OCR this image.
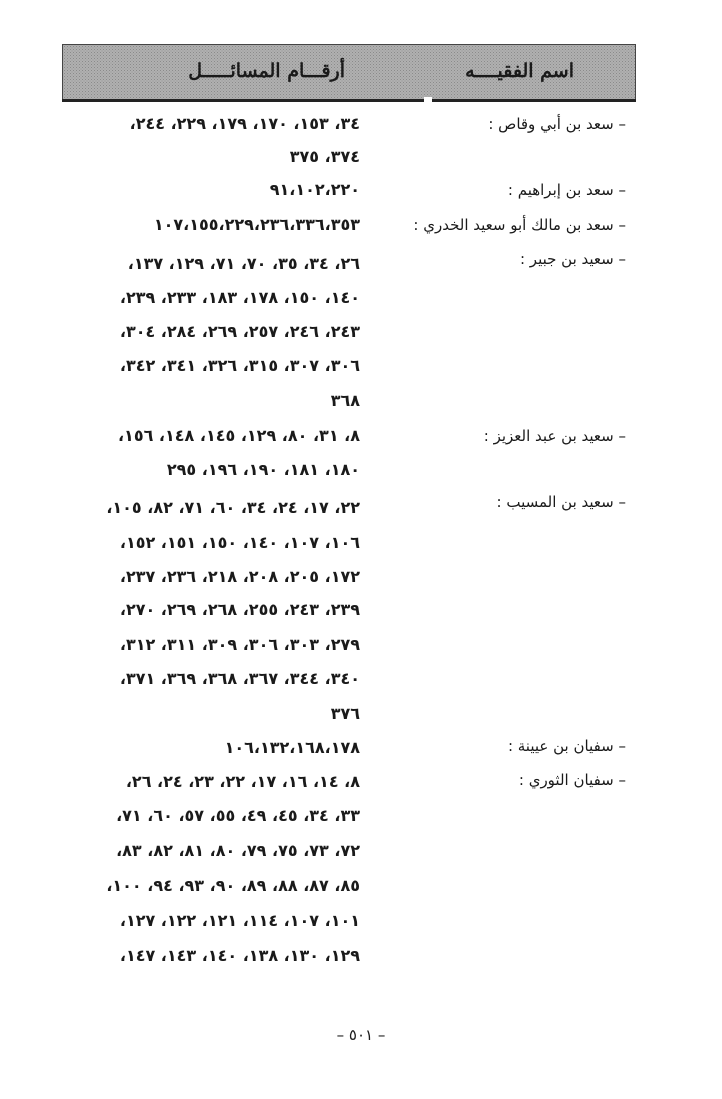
اسم الفقيــــه
أرقـــام المسائـــــل
– سعد بن أبي وقاص :
٣٤، ١٥٣، ١٧٠، ١٧٩، ٢٢٩، ٢٤٤،
٣٧٤، ٣٧٥
– سعد بن إبراهيم :
٩١،١٠٢،٢٢٠
– سعد بن مالك أبو سعيد الخدري :
١٠٧،١٥٥،٢٢٩،٢٣٦،٣٣٦،٣٥٣
– سعيد بن جبير :
٢٦، ٣٤، ٣٥، ٧٠، ٧١، ١٢٩، ١٣٧،
١٤٠، ١٥٠، ١٧٨، ١٨٣، ٢٣٣، ٢٣٩،
٢٤٣، ٢٤٦، ٢٥٧، ٢٦٩، ٢٨٤، ٣٠٤،
٣٠٦، ٣٠٧، ٣١٥، ٣٢٦، ٣٤١، ٣٤٢،
٣٦٨
– سعيد بن عبد العزيز :
٨، ٣١، ٨٠، ١٢٩، ١٤٥، ١٤٨، ١٥٦،
١٨٠، ١٨١، ١٩٠، ١٩٦، ٢٩٥
– سعيد بن المسيب :
٢٢، ١٧، ٢٤، ٣٤، ٦٠، ٧١، ٨٢، ١٠٥،
١٠٦، ١٠٧، ١٤٠، ١٥٠، ١٥١، ١٥٢،
١٧٢، ٢٠٥، ٢٠٨، ٢١٨، ٢٣٦، ٢٣٧،
٢٣٩، ٢٤٣، ٢٥٥، ٢٦٨، ٢٦٩، ٢٧٠،
٢٧٩، ٣٠٣، ٣٠٦، ٣٠٩، ٣١١، ٣١٢،
٣٤٠، ٣٤٤، ٣٦٧، ٣٦٨، ٣٦٩، ٣٧١،
٣٧٦
– سفيان بن عيينة :
١٠٦،١٣٢،١٦٨،١٧٨
– سفيان الثوري :
٨، ١٤، ١٦، ١٧، ٢٢، ٢٣، ٢٤، ٢٦،
٣٣، ٣٤، ٤٥، ٤٩، ٥٥، ٥٧، ٦٠، ٧١،
٧٢، ٧٣، ٧٥، ٧٩، ٨٠، ٨١، ٨٢، ٨٣،
٨٥، ٨٧، ٨٨، ٨٩، ٩٠، ٩٣، ٩٤، ١٠٠،
١٠١، ١٠٧، ١١٤، ١٢١، ١٢٢، ١٢٧،
١٢٩، ١٣٠، ١٣٨، ١٤٠، ١٤٣، ١٤٧،
– ٥٠١ –
